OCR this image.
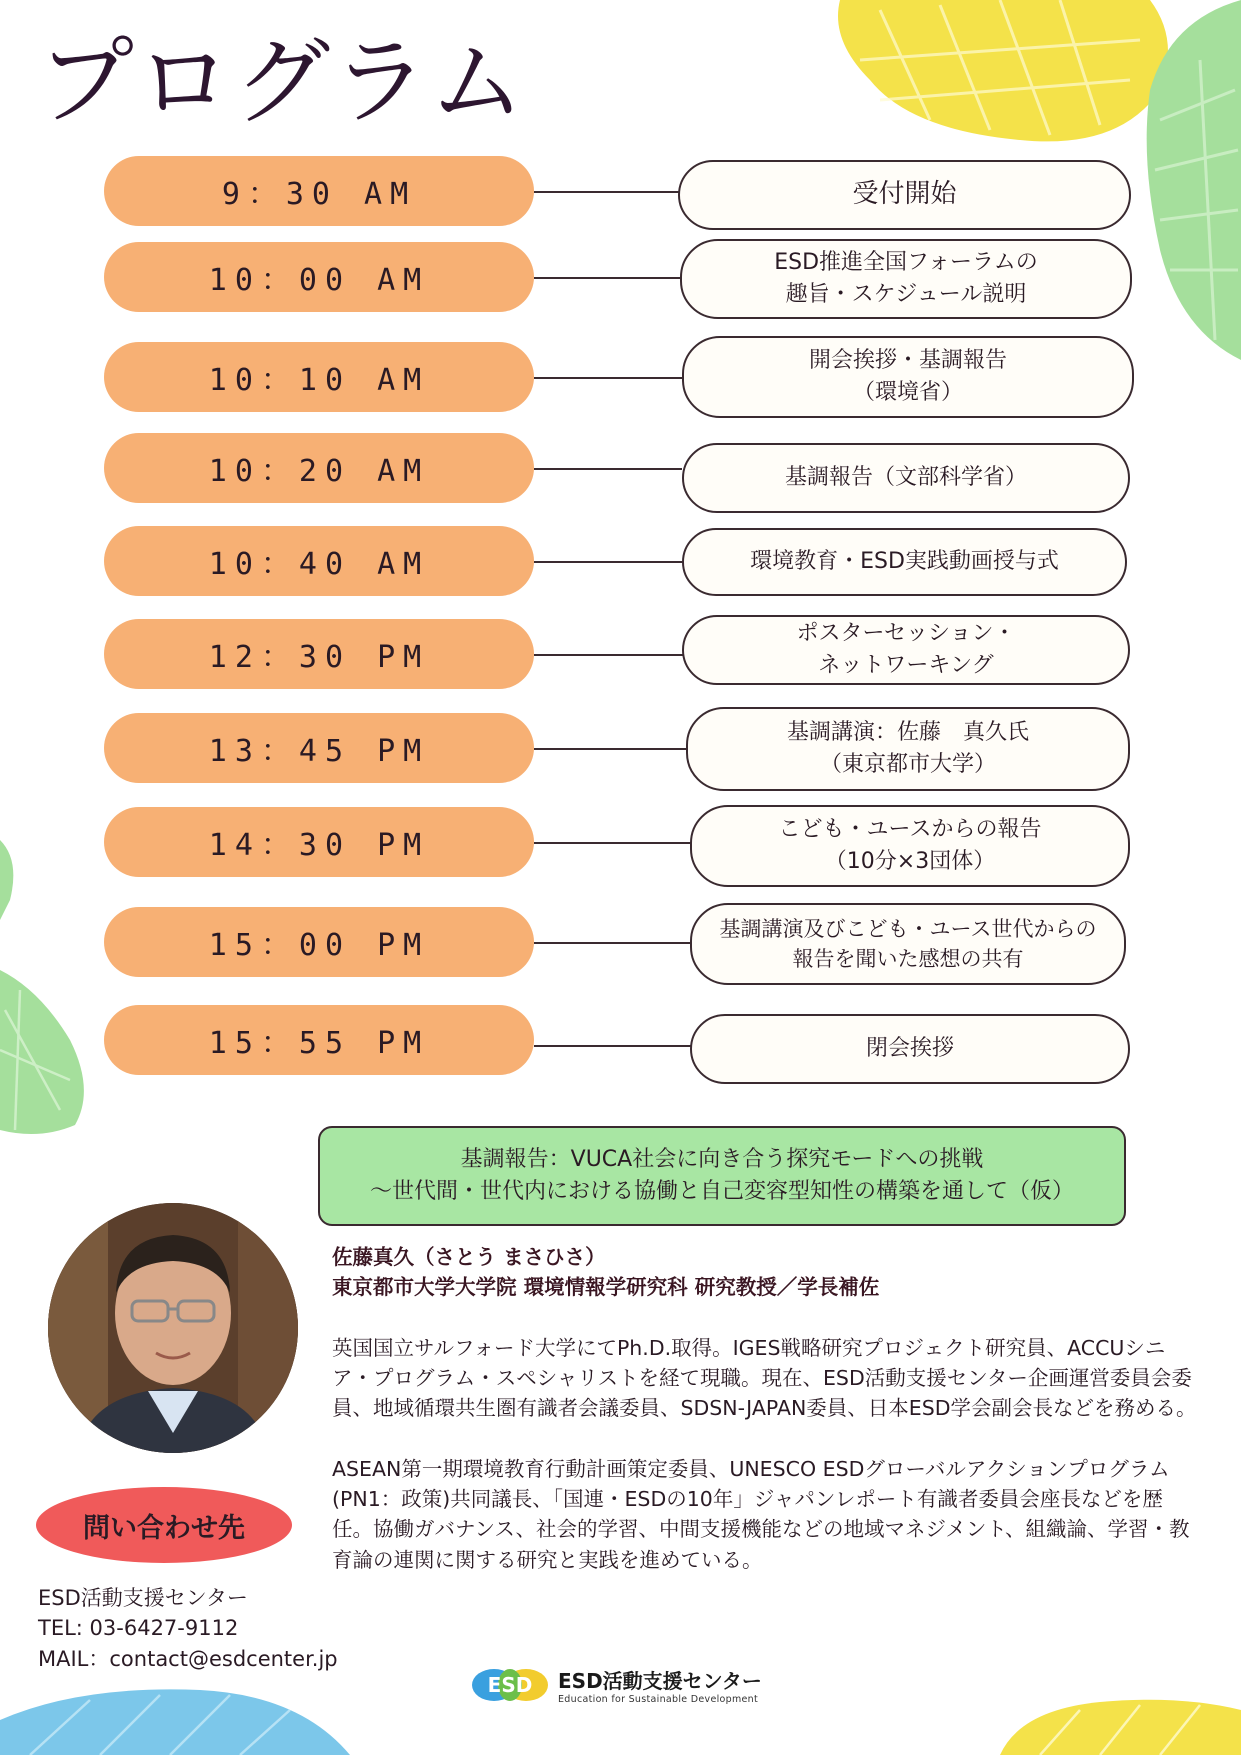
プログラム
9：30 AM	受付開始
10：00 AM
ESD推進全国フォーラムの
趣旨・スケジュール説明
10：10 AM
開会挨拶・基調報告
（環境省）
10：20 AM	基調報告（文部科学省）
10：40 AM	環境教育・ESD実践動画授与式
12：30 PM
ポスターセッション・
ネットワーキング
13：45 PM
基調講演：佐藤　真久氏
（東京都市大学）
14：30 PM	こども・ユースからの報告
（10分×3団体）
15：00 PM	基調講演及びこども・ユース世代からの
報告を聞いた感想の共有
15：55 PM	閉会挨拶
基調報告：VUCA社会に向き合う探究モードへの挑戦
～世代間・世代内における協働と自己変容型知性の構築を通して（仮）

佐藤真久（さとう まさひさ）

東京都市大学大学院 環境情報学研究科 研究教授／学長補佐

英国国立サルフォード大学にてPh.D.取得。IGES戦略研究プロジェクト研究員、ACCUシニア・プログラム・スペシャリストを経て現職。現在、ESD活動支援センター企画運営委員会委員、地域循環共生圏有識者会議委員、SDSN-JAPAN委員、日本ESD学会副会長などを務める。

ASEAN第一期環境教育行動計画策定委員、UNESCO ESDグローバルアクションプログラム(PN1：政策)共同議長、「国連・ESDの10年」ジャパンレポート有識者委員会座長などを歴任。協働ガバナンス、社会的学習、中間支援機能などの地域マネジメント、組織論、学習・教育論の連関に関する研究と実践を進めている。

問い合わせ先
ESD活動支援センター
TEL: 03-6427-9112
MAIL：contact@esdcenter.jp
ESD ESD活動支援センター
Education for Sustainable Development
